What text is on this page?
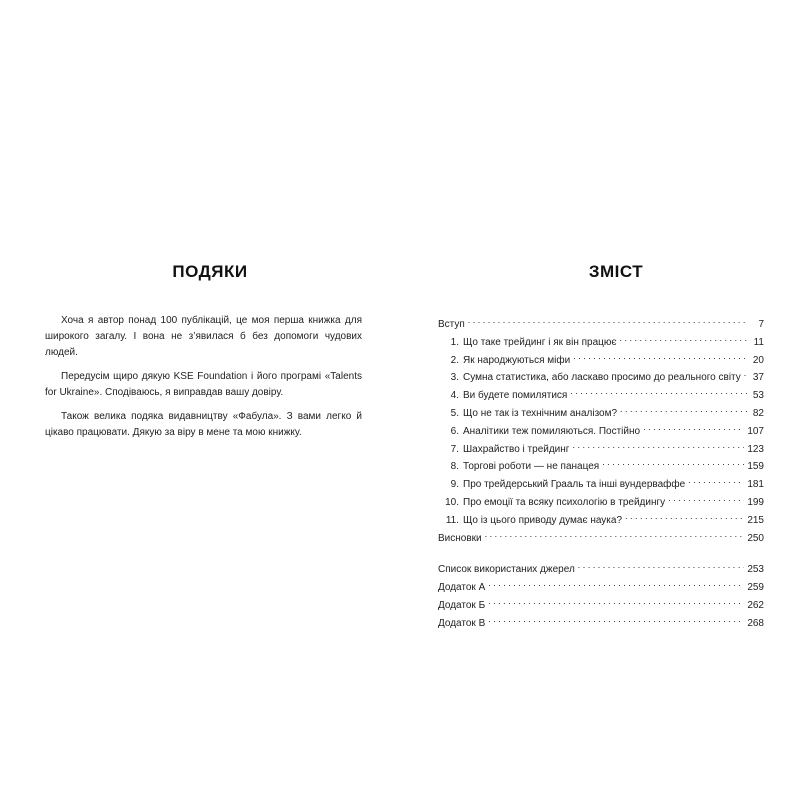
ПОДЯКИ

Хоча я автор понад 100 публікацій, це моя перша книжка для широкого загалу. І вона не з’явилася б без допомоги чудових людей.

Передусім щиро дякую KSE Foundation і його програмі «Talents for Ukraine». Сподіваюсь, я виправдав вашу довіру.

Також велика подяка видавництву «Фабула». З вами легко й цікаво працювати. Дякую за віру в мене та мою книжку.

ЗМІСТ
Вступ . . .	7
1. Що таке трейдинг і як він працює . . .	11
2. Як народжуються міфи . . .	20
3. Сумна статистика, або ласкаво просимо до реального світу . . . 37
4. Ви будете помилятися . . .	53
5. Що не так із технічним аналізом? . . .	82
6. Аналітики теж помиляються. Постійно . . .	107
7. Шахрайство і трейдинг . . .	123
8. Торгові роботи — не панацея . . .	159
9. Про трейдерський Грааль та інші вундерваффе . . .	181
10. Про емоції та всяку психологію в трейдингу . . .	199
11. Що із цього приводу думає наука? . . .	215
Висновки . . .	250
Список використаних джерел . . .	253
Додаток А . . .	259
Додаток Б . . .	262
Додаток В . . .	268
